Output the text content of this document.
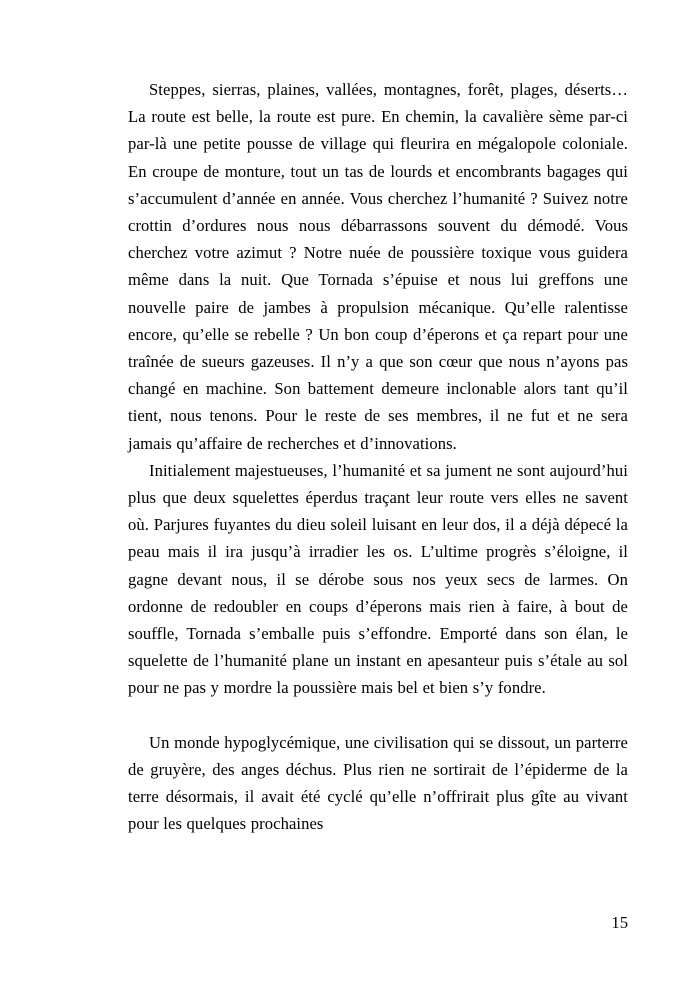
Steppes, sierras, plaines, vallées, montagnes, forêt, plages, déserts… La route est belle, la route est pure. En chemin, la cavalière sème par-ci par-là une petite pousse de village qui fleurira en mégalopole coloniale. En croupe de monture, tout un tas de lourds et encombrants bagages qui s’accumulent d’année en année. Vous cherchez l’humanité ? Suivez notre crottin d’ordures nous nous débarrassons souvent du démodé. Vous cherchez votre azimut ? Notre nuée de poussière toxique vous guidera même dans la nuit. Que Tornada s’épuise et nous lui greffons une nouvelle paire de jambes à propulsion mécanique. Qu’elle ralentisse encore, qu’elle se rebelle ? Un bon coup d’éperons et ça repart pour une traînée de sueurs gazeuses. Il n’y a que son cœur que nous n’ayons pas changé en machine. Son battement demeure inclonable alors tant qu’il tient, nous tenons. Pour le reste de ses membres, il ne fut et ne sera jamais qu’affaire de recherches et d’innovations.

Initialement majestueuses, l’humanité et sa jument ne sont aujourd’hui plus que deux squelettes éperdus traçant leur route vers elles ne savent où. Parjures fuyantes du dieu soleil luisant en leur dos, il a déjà dépecé la peau mais il ira jusqu’à irradier les os. L’ultime progrès s’éloigne, il gagne devant nous, il se dérobe sous nos yeux secs de larmes. On ordonne de redoubler en coups d’éperons mais rien à faire, à bout de souffle, Tornada s’emballe puis s’effondre. Emporté dans son élan, le squelette de l’humanité plane un instant en apesanteur puis s’étale au sol pour ne pas y mordre la poussière mais bel et bien s’y fondre.

Un monde hypoglycémique, une civilisation qui se dissout, un parterre de gruyère, des anges déchus. Plus rien ne sortirait de l’épiderme de la terre désormais, il avait été cyclé qu’elle n’offrirait plus gîte au vivant pour les quelques prochaines

15
